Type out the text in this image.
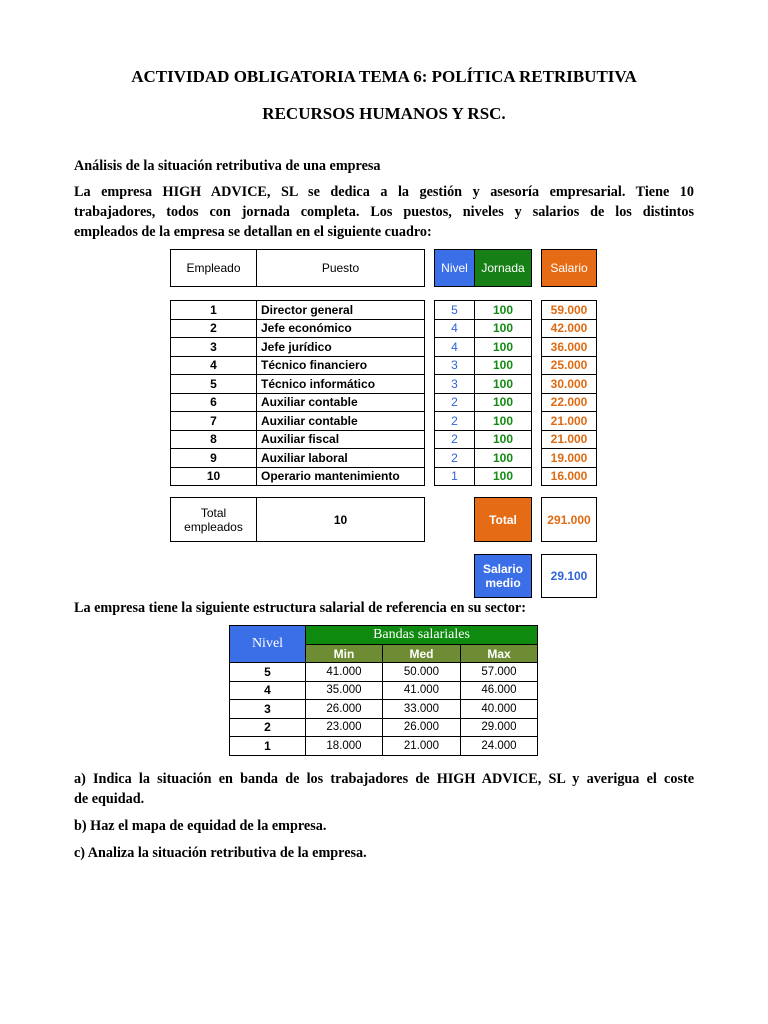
ACTIVIDAD OBLIGATORIA TEMA 6: POLÍTICA RETRIBUTIVA
RECURSOS HUMANOS Y RSC.
Análisis de la situación retributiva de una empresa
La empresa HIGH ADVICE, SL se dedica a la gestión y asesoría empresarial. Tiene 10
trabajadores, todos con jornada completa. Los puestos, niveles y salarios de los distintos
empleados de la empresa se detallan en el siguiente cuadro:
Empleado	Puesto	Nivel	Jornada	Salario
1	Director general	5	100	59.000
2	Jefe económico	4	100	42.000
3	Jefe jurídico	4	100	36.000
4	Técnico financiero	3	100	25.000
5	Técnico informático	3	100	30.000
6	Auxiliar contable	2	100	22.000
7	Auxiliar contable	2	100	21.000
8	Auxiliar fiscal	2	100	21.000
9	Auxiliar laboral	2	100	19.000
10	Operario mantenimiento	1	100	16.000
Total empleados	10	Total	291.000
Salario medio	29.100
La empresa tiene la siguiente estructura salarial de referencia en su sector:
Nivel
Bandas salariales
Min	Med	Max
5	41.000	50.000	57.000
4	35.000	41.000	46.000
3	26.000	33.000	40.000
2	23.000	26.000	29.000
1	18.000	21.000	24.000
a) Indica la situación en banda de los trabajadores de HIGH ADVICE, SL y averigua el coste
de equidad.
b) Haz el mapa de equidad de la empresa.
c) Analiza la situación retributiva de la empresa.
